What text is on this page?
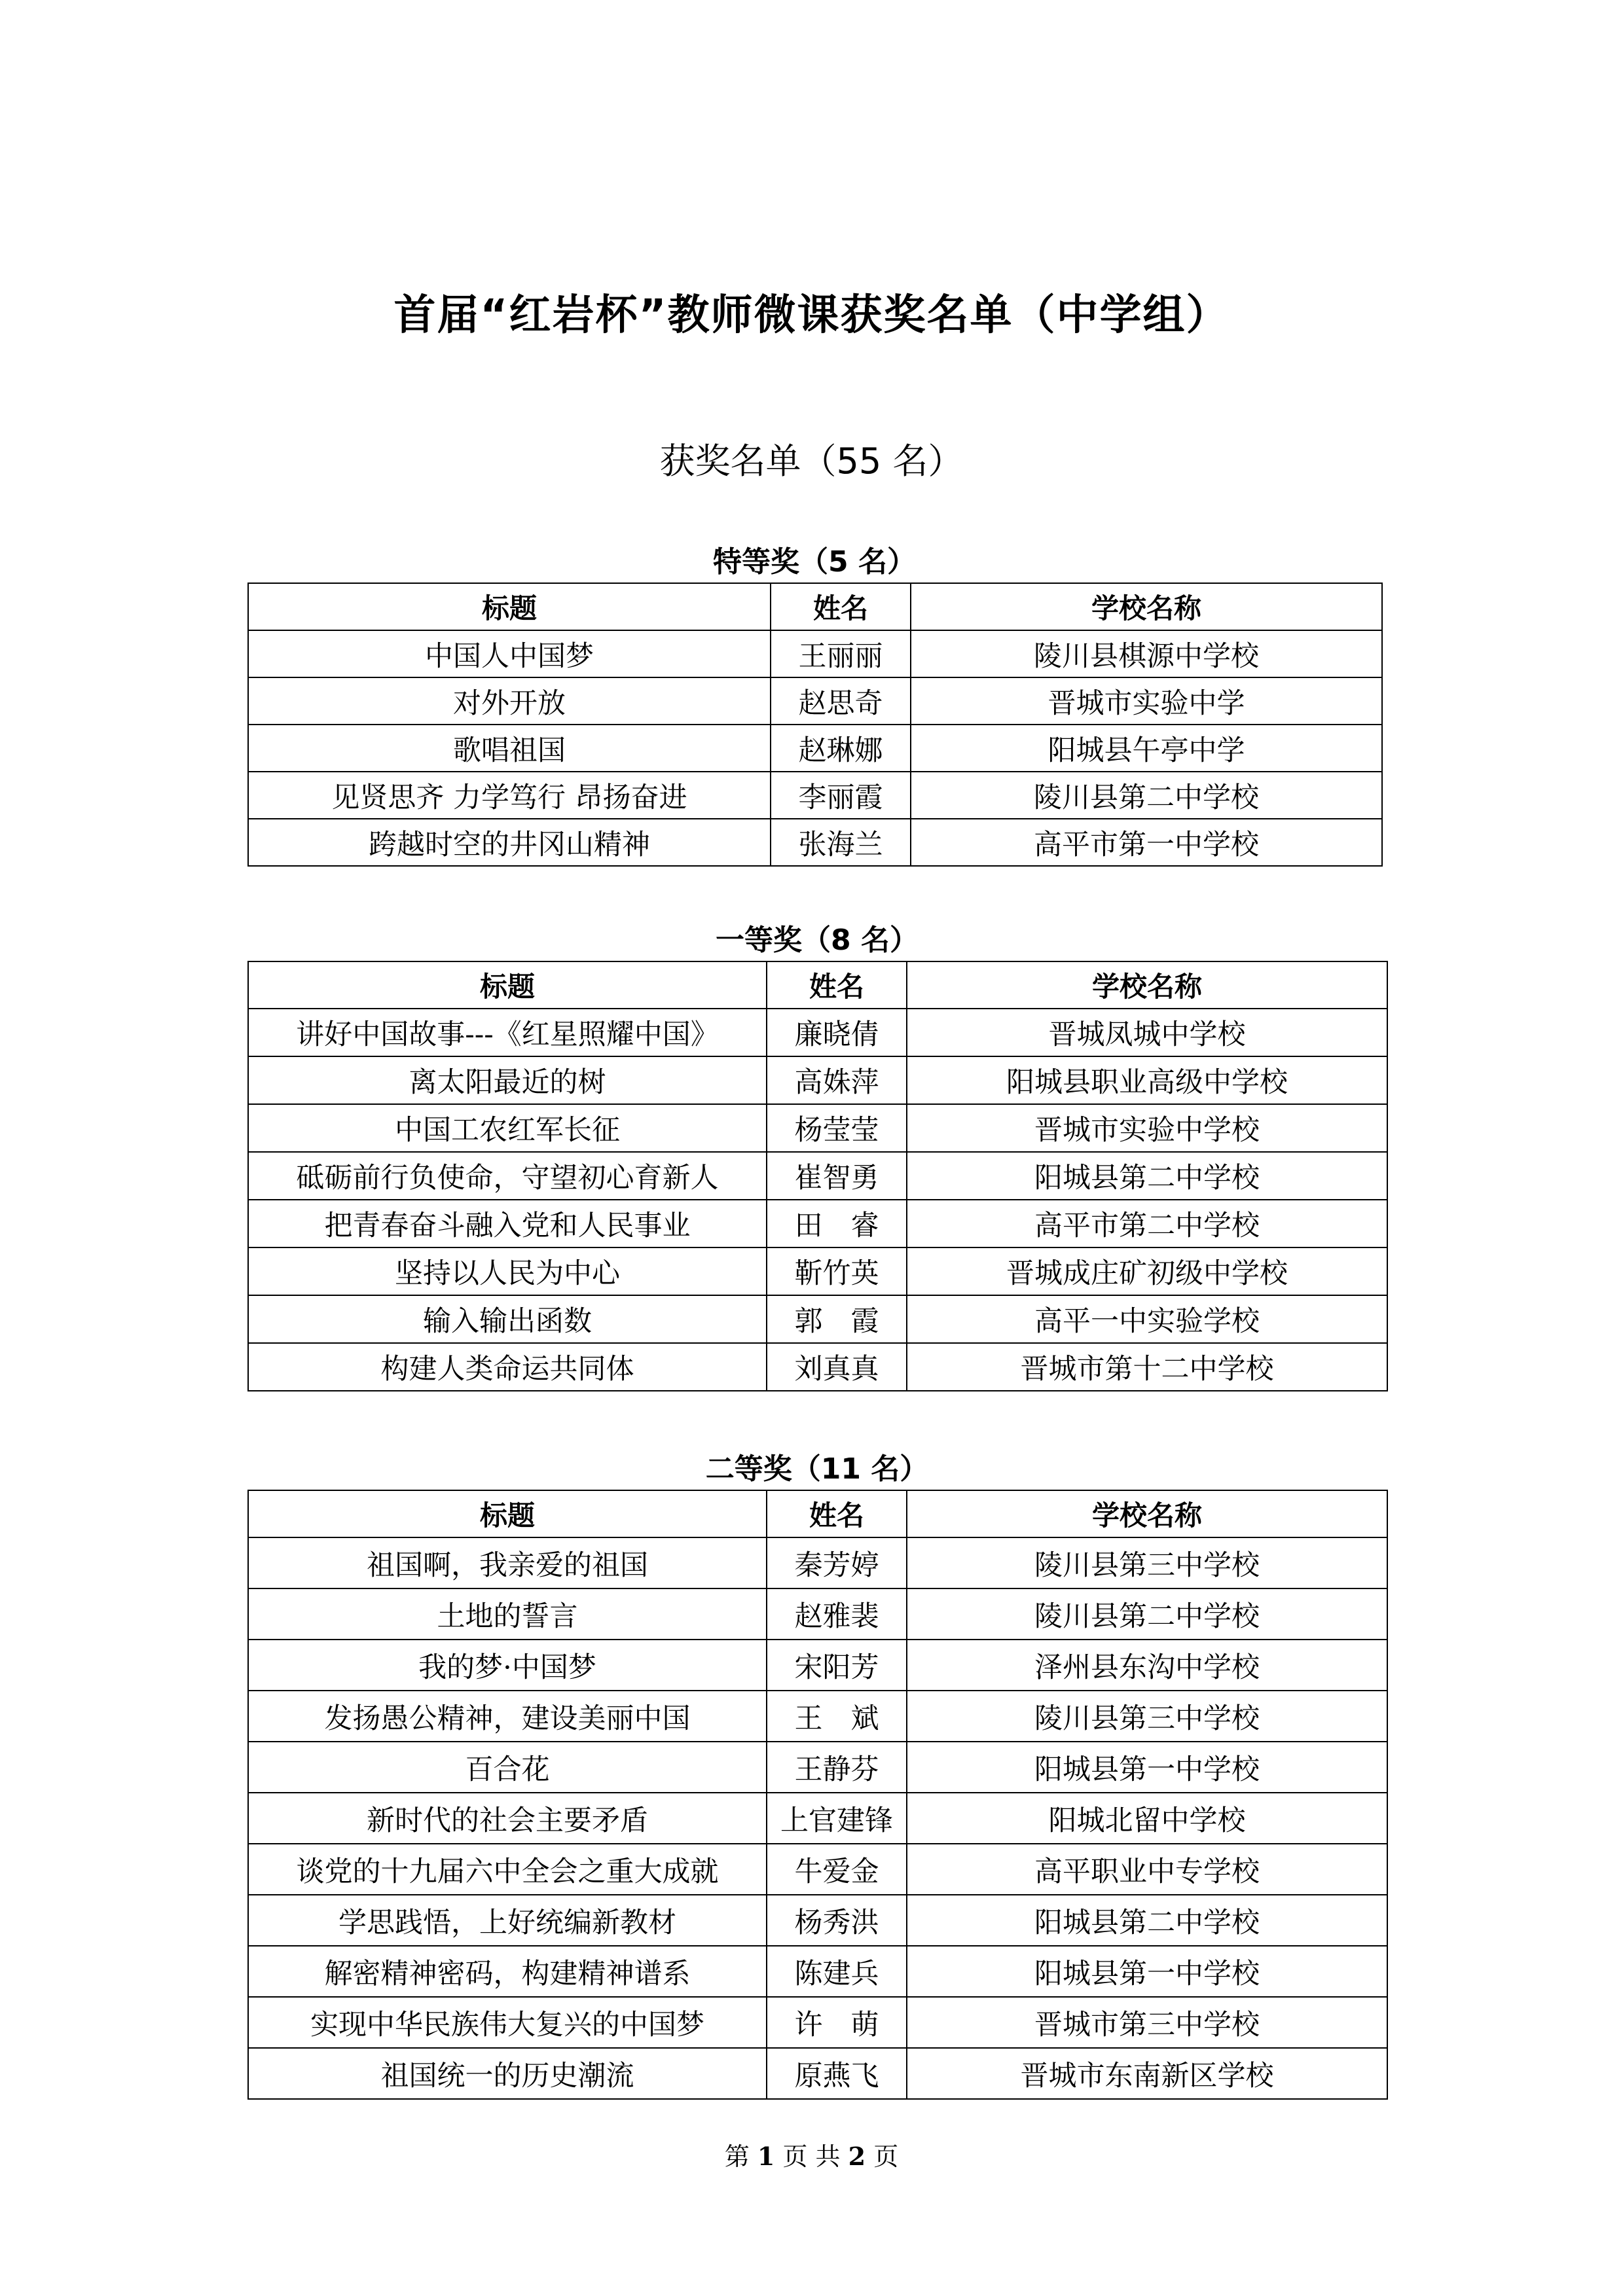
首届“红岩杯”教师微课获奖名单（中学组）
获奖名单（55 名）
特等奖（5 名）
标题	姓名	学校名称
中国人中国梦	王丽丽	陵川县棋源中学校
对外开放	赵思奇	晋城市实验中学
歌唱祖国	赵琳娜	阳城县午亭中学
见贤思齐 力学笃行 昂扬奋进	李丽霞	陵川县第二中学校
跨越时空的井冈山精神	张海兰	高平市第一中学校
一等奖（8 名）
标题	姓名	学校名称
讲好中国故事---《红星照耀中国》	廉晓倩	晋城凤城中学校
离太阳最近的树	高姝萍	阳城县职业高级中学校
中国工农红军长征	杨莹莹	晋城市实验中学校
砥砺前行负使命，守望初心育新人	崔智勇	阳城县第二中学校
把青春奋斗融入党和人民事业	田　睿	高平市第二中学校
坚持以人民为中心	靳竹英	晋城成庄矿初级中学校
输入输出函数	郭　霞	高平一中实验学校
构建人类命运共同体	刘真真	晋城市第十二中学校
二等奖（11 名）
标题	姓名	学校名称
祖国啊，我亲爱的祖国	秦芳婷	陵川县第三中学校
土地的誓言	赵雅裴	陵川县第二中学校
我的梦·中国梦	宋阳芳	泽州县东沟中学校
发扬愚公精神，建设美丽中国	王　斌	陵川县第三中学校
百合花	王静芬	阳城县第一中学校
新时代的社会主要矛盾	上官建锋	阳城北留中学校
谈党的十九届六中全会之重大成就	牛爱金	高平职业中专学校
学思践悟，上好统编新教材	杨秀洪	阳城县第二中学校
解密精神密码，构建精神谱系	陈建兵	阳城县第一中学校
实现中华民族伟大复兴的中国梦	许　萌	晋城市第三中学校
祖国统一的历史潮流	原燕飞	晋城市东南新区学校
第 1 页 共 2 页
